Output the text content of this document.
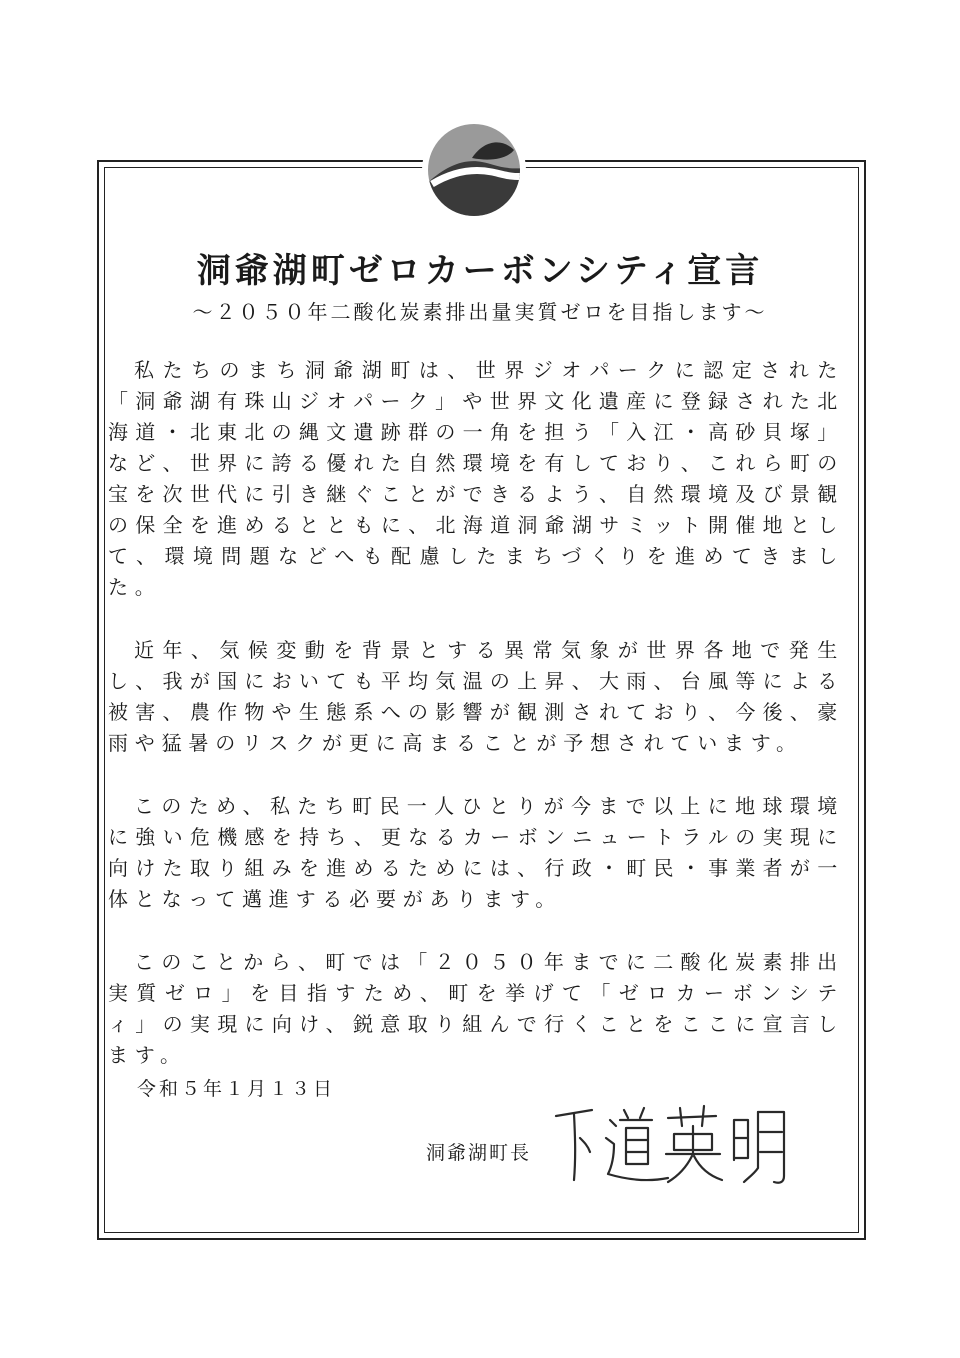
洞爺湖町ゼロカーボンシティ宣言
～２０５０年二酸化炭素排出量実質ゼロを目指します～

私たちのまち洞爺湖町は、世界ジオパークに認定された「洞爺湖有珠山ジオパーク」や世界文化遺産に登録された北海道・北東北の縄文遺跡群の一角を担う「入江・高砂貝塚」など、世界に誇る優れた自然環境を有しており、これら町の宝を次世代に引き継ぐことができるよう、自然環境及び景観の保全を進めるとともに、北海道洞爺湖サミット開催地として、環境問題などへも配慮したまちづくりを進めてきました。

近年、気候変動を背景とする異常気象が世界各地で発生し、我が国においても平均気温の上昇、大雨、台風等による被害、農作物や生態系への影響が観測されており、今後、豪雨や猛暑のリスクが更に高まることが予想されています。

このため、私たち町民一人ひとりが今まで以上に地球環境に強い危機感を持ち、更なるカーボンニュートラルの実現に向けた取り組みを進めるためには、行政・町民・事業者が一体となって邁進する必要があります。

このことから、町では「２０５０年までに二酸化炭素排出実質ゼロ」を目指すため、町を挙げて「ゼロカーボンシティ」の実現に向け、鋭意取り組んで行くことをここに宣言します。

令和５年１月１３日
洞爺湖町長
